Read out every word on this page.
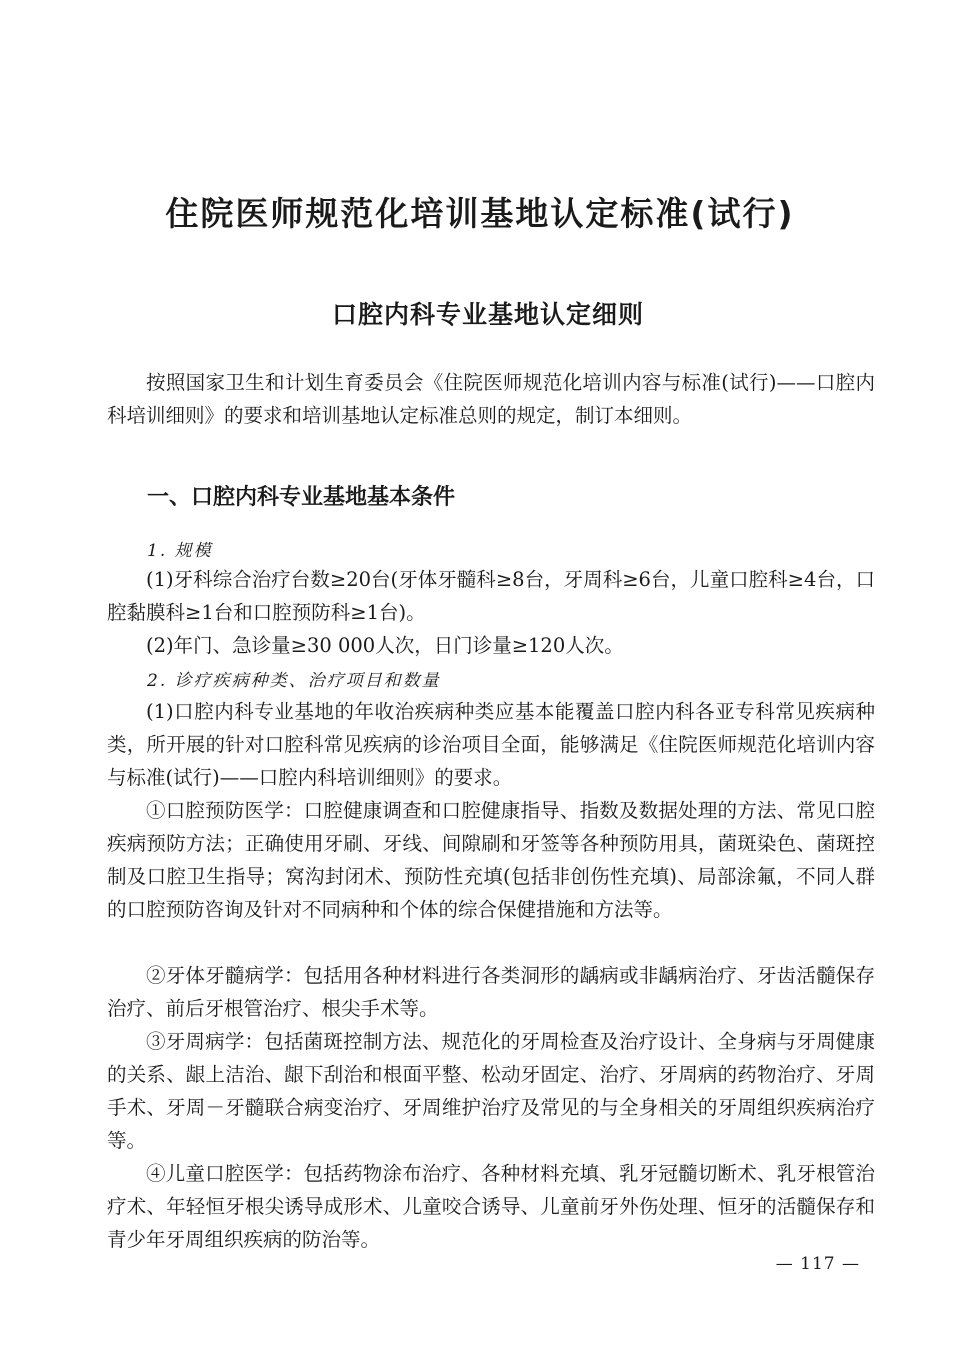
住院医师规范化培训基地认定标准(试行)
口腔内科专业基地认定细则

按照国家卫生和计划生育委员会《住院医师规范化培训内容与标准(试行)——口腔内科培训细则》的要求和培训基地认定标准总则的规定，制订本细则。

一、口腔内科专业基地基本条件
1. 规模

(1)牙科综合治疗台数≥20台(牙体牙髓科≥8台，牙周科≥6台，儿童口腔科≥4台，口腔黏膜科≥1台和口腔预防科≥1台)。

(2)年门、急诊量≥30 000人次，日门诊量≥120人次。

2. 诊疗疾病种类、治疗项目和数量

(1)口腔内科专业基地的年收治疾病种类应基本能覆盖口腔内科各亚专科常见疾病种类，所开展的针对口腔科常见疾病的诊治项目全面，能够满足《住院医师规范化培训内容与标准(试行)——口腔内科培训细则》的要求。

①口腔预防医学：口腔健康调查和口腔健康指导、指数及数据处理的方法、常见口腔疾病预防方法；正确使用牙刷、牙线、间隙刷和牙签等各种预防用具，菌斑染色、菌斑控制及口腔卫生指导；窝沟封闭术、预防性充填(包括非创伤性充填)、局部涂氟，不同人群的口腔预防咨询及针对不同病种和个体的综合保健措施和方法等。

②牙体牙髓病学：包括用各种材料进行各类洞形的龋病或非龋病治疗、牙齿活髓保存治疗、前后牙根管治疗、根尖手术等。

③牙周病学：包括菌斑控制方法、规范化的牙周检查及治疗设计、全身病与牙周健康的关系、龈上洁治、龈下刮治和根面平整、松动牙固定、治疗、牙周病的药物治疗、牙周手术、牙周－牙髓联合病变治疗、牙周维护治疗及常见的与全身相关的牙周组织疾病治疗等。

④儿童口腔医学：包括药物涂布治疗、各种材料充填、乳牙冠髓切断术、乳牙根管治疗术、年轻恒牙根尖诱导成形术、儿童咬合诱导、儿童前牙外伤处理、恒牙的活髓保存和青少年牙周组织疾病的防治等。

— 117 —
